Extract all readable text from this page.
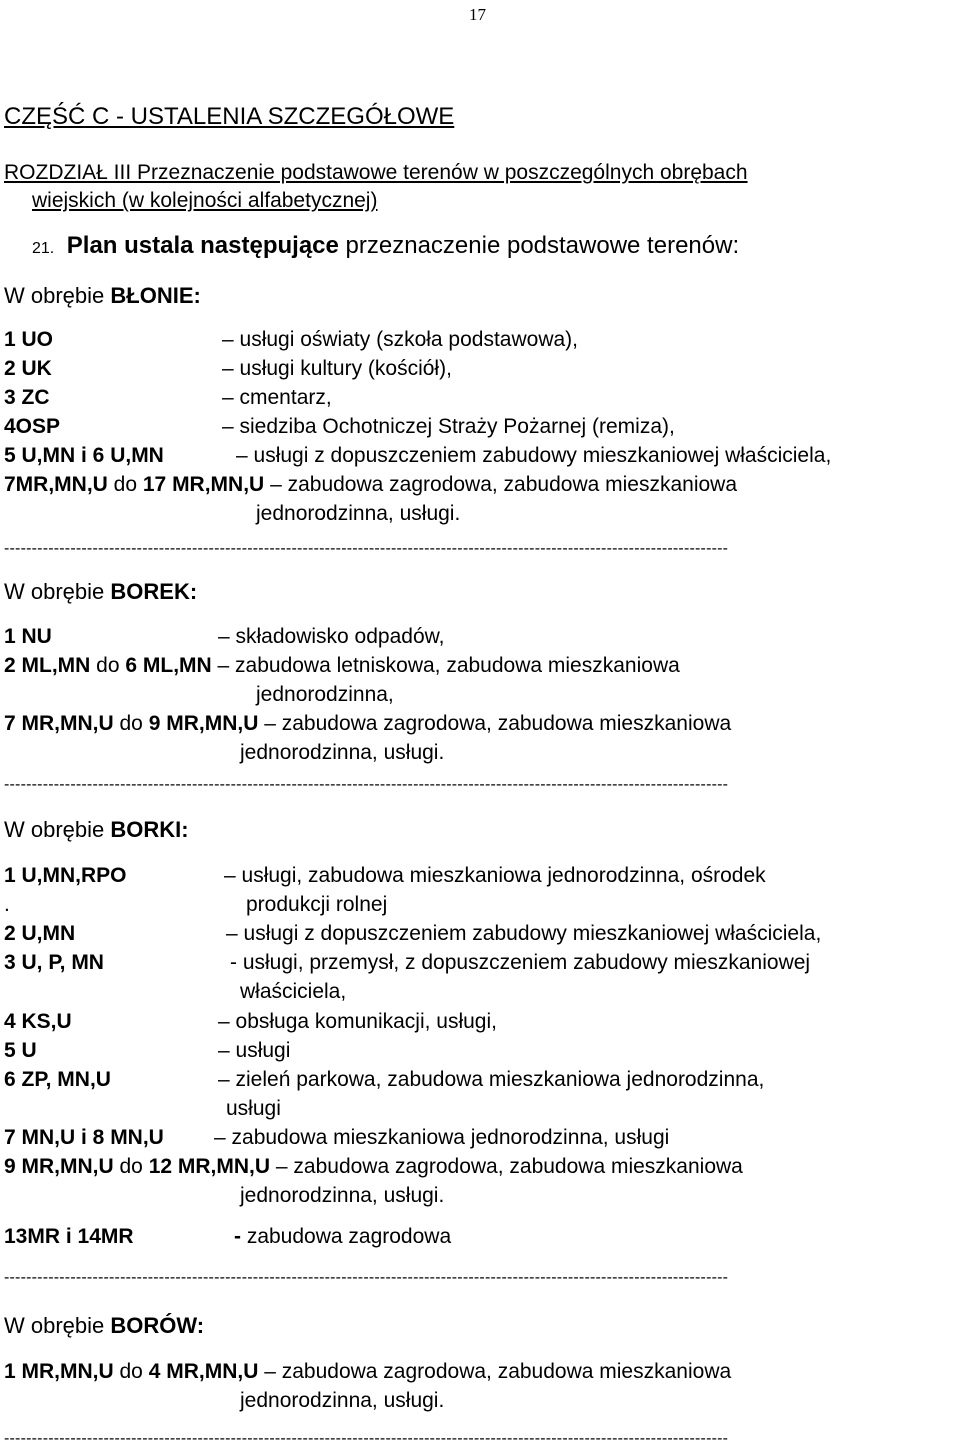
17
CZĘŚĆ C - USTALENIA SZCZEGÓŁOWE
ROZDZIAŁ III Przeznaczenie podstawowe terenów w poszczególnych obrębach
wiejskich (w kolejności alfabetycznej)
21. Plan ustala następujące przeznaczenie podstawowe terenów:
W obrębie BŁONIE:
1 UO	– usługi oświaty (szkoła podstawowa),
2 UK	– usługi kultury (kościół),
3 ZC	– cmentarz,
4OSP	– siedziba Ochotniczej Straży Pożarnej (remiza),
5 U,MN i 6 U,MN	– usługi z dopuszczeniem zabudowy mieszkaniowej właściciela,
7MR,MN,U do 17 MR,MN,U – zabudowa zagrodowa, zabudowa mieszkaniowa
jednorodzinna, usługi.
-----------------------------------------------------------------------------------------------------------------------------------
W obrębie BOREK:
1 NU	– składowisko odpadów,
2 ML,MN do 6 ML,MN – zabudowa letniskowa, zabudowa mieszkaniowa
jednorodzinna,
7 MR,MN,U do 9 MR,MN,U – zabudowa zagrodowa, zabudowa mieszkaniowa
jednorodzinna, usługi.
-----------------------------------------------------------------------------------------------------------------------------------
W obrębie BORKI:
1 U,MN,RPO	– usługi, zabudowa mieszkaniowa jednorodzinna, ośrodek
.	produkcji rolnej
2 U,MN	– usługi z dopuszczeniem zabudowy mieszkaniowej właściciela,
3 U, P, MN	- usługi, przemysł, z dopuszczeniem zabudowy mieszkaniowej
właściciela,
4 KS,U	– obsługa komunikacji, usługi,
5 U	– usługi
6 ZP, MN,U	– zieleń parkowa, zabudowa mieszkaniowa jednorodzinna,
usługi
7 MN,U i 8 MN,U – zabudowa mieszkaniowa jednorodzinna, usługi
9 MR,MN,U do 12 MR,MN,U – zabudowa zagrodowa, zabudowa mieszkaniowa
jednorodzinna, usługi.
13MR i 14MR	- zabudowa zagrodowa
-----------------------------------------------------------------------------------------------------------------------------------
W obrębie BORÓW:
1 MR,MN,U do 4 MR,MN,U – zabudowa zagrodowa, zabudowa mieszkaniowa
jednorodzinna, usługi.
-----------------------------------------------------------------------------------------------------------------------------------
